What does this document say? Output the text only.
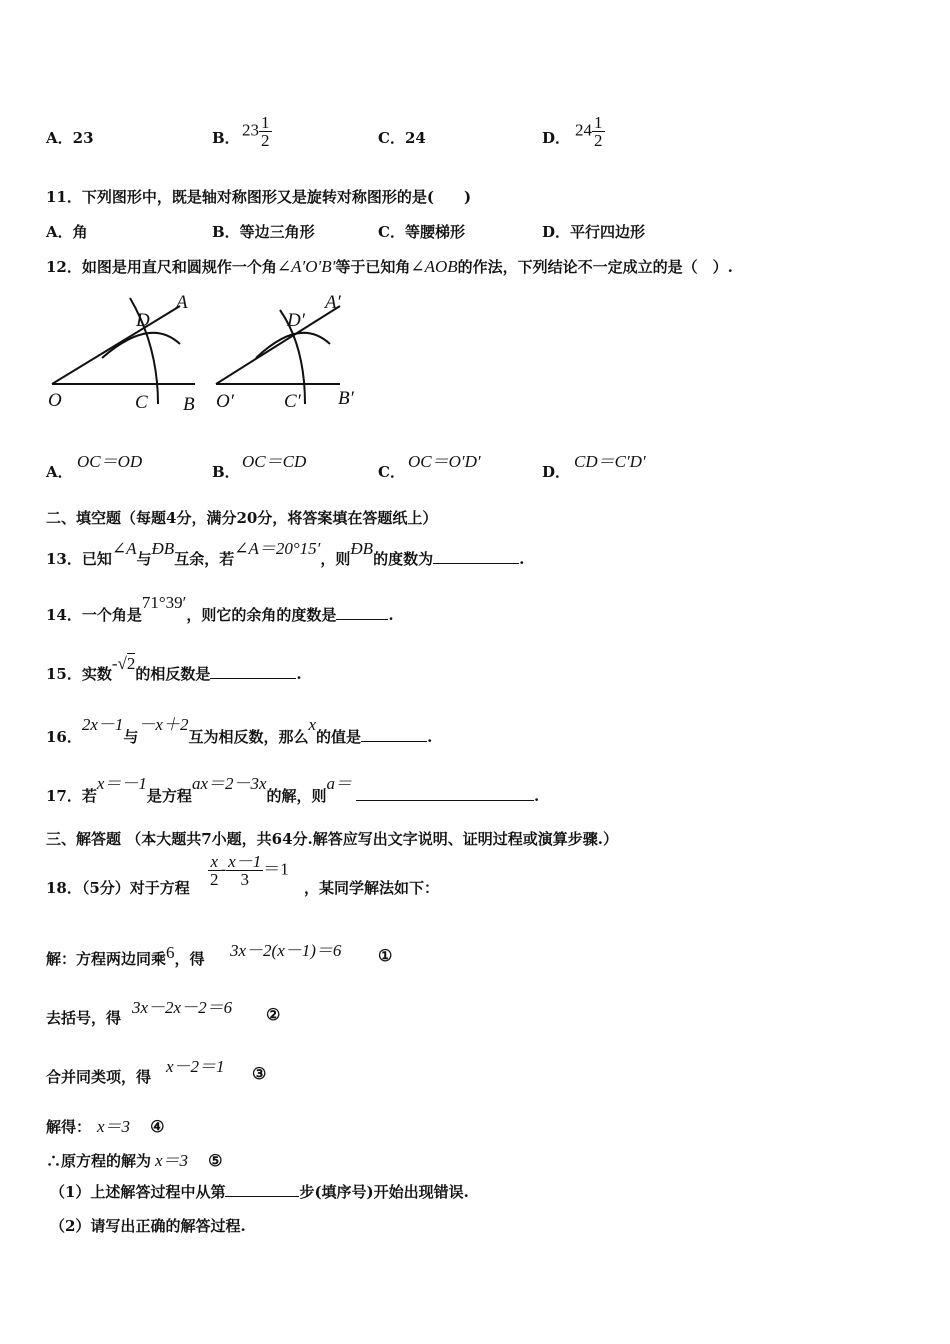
A．23	B． $23 \frac{1}{2}$	C．24	D． $24 \frac{1}{2}$
11．下列图形中，既是轴对称图形又是旋转对称图形的是(　　)
A．角	B．等边三角形	C．等腰梯形	D．平行四边形
12．如图是用直尺和圆规作一个角∠A′O′B′等于已知角∠AOB的作法，下列结论不一定成立的是（　）.
O	C B
D
A
O′	C′ B′
D′
A′
A．
OC＝OD
B．
OC＝CD
C．
OC＝O′D′
D．
CD＝C′D′
二、填空题（每题4分，满分20分，将答案填在答题纸上）
13．已知∠A与ÐB互余，若∠A＝20°15′，则ÐB的度数为	.
14．一个角是71°39′，则它的余角的度数是	.
15．实数-√2的相反数是	.
16．2x－1与－x＋2互为相反数，那么x的值是	.
17．若x＝－1是方程ax＝2－3x的解，则a＝.
三、解答题 （本大题共7小题，共64分.解答应写出文字说明、证明过程或演算步骤.）
18．（5分）对于方程 $\frac{x}{2} - \frac{x-1}{3} =1$
，某同学解法如下：
解：方程两边同乘6，得 3x－2(x－1)＝6 ①
去括号，得
3x－2x－2＝6 ②
合并同类项，得
x－2＝1 ③
解得： x＝3 ④
∴原方程的解为 x＝3 ⑤
（1）上述解答过程中从第	步(填序号)开始出现错误.
（2）请写出正确的解答过程.
